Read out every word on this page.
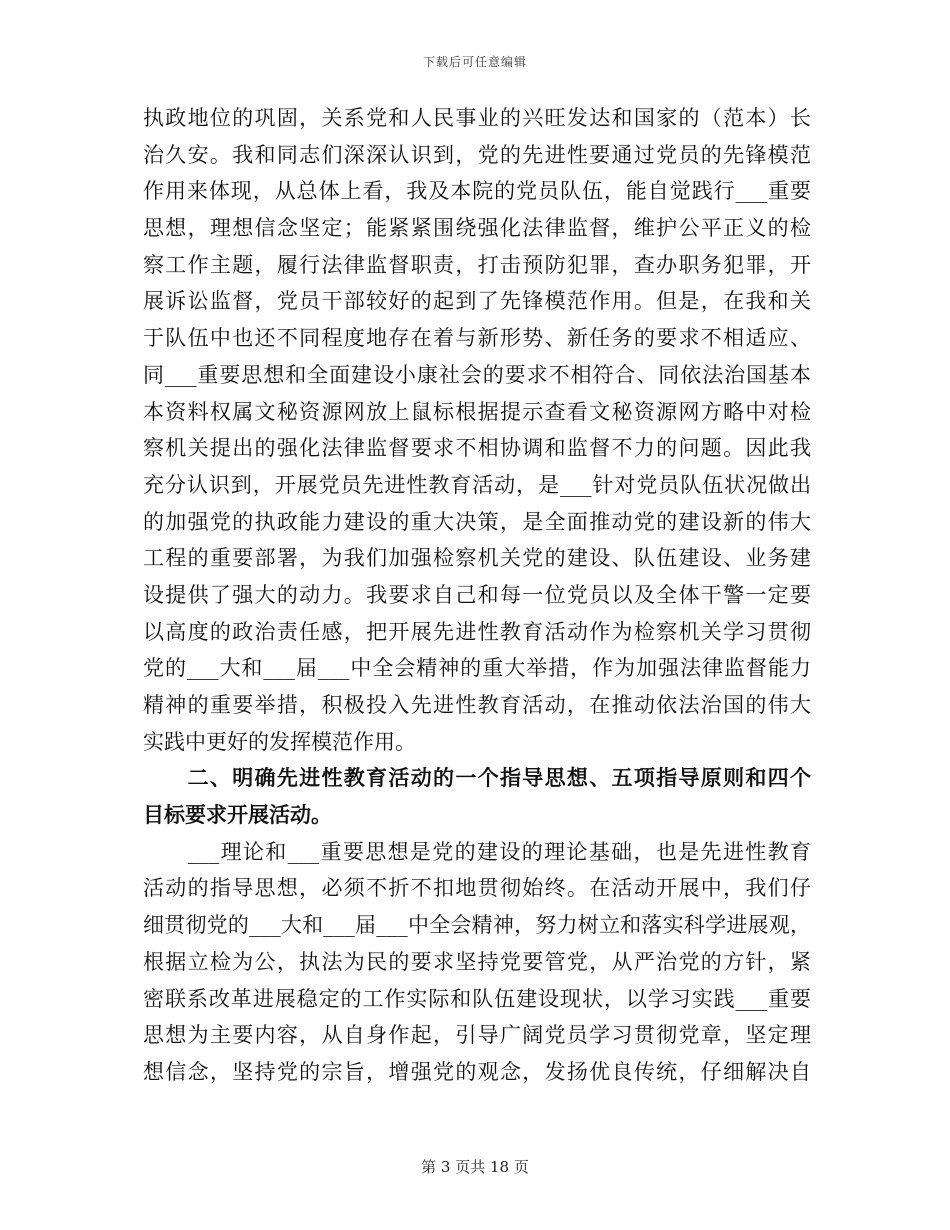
下载后可任意编辑
执政地位的巩固，关系党和人民事业的兴旺发达和国家的（范本）长
治久安。我和同志们深深认识到，党的先进性要通过党员的先锋模范
作用来体现，从总体上看，我及本院的党员队伍，能自觉践行___重要
思想，理想信念坚定；能紧紧围绕强化法律监督，维护公平正义的检
察工作主题，履行法律监督职责，打击预防犯罪，查办职务犯罪，开
展诉讼监督，党员干部较好的起到了先锋模范作用。但是，在我和关
于队伍中也还不同程度地存在着与新形势、新任务的要求不相适应、
同___重要思想和全面建设小康社会的要求不相符合、同依法治国基本
本资料权属文秘资源网放上鼠标根据提示查看文秘资源网方略中对检
察机关提出的强化法律监督要求不相协调和监督不力的问题。因此我
充分认识到，开展党员先进性教育活动，是___针对党员队伍状况做出
的加强党的执政能力建设的重大决策，是全面推动党的建设新的伟大
工程的重要部署，为我们加强检察机关党的建设、队伍建设、业务建
设提供了强大的动力。我要求自己和每一位党员以及全体干警一定要
以高度的政治责任感，把开展先进性教育活动作为检察机关学习贯彻
党的___大和___届___中全会精神的重大举措，作为加强法律监督能力
精神的重要举措，积极投入先进性教育活动，在推动依法治国的伟大
实践中更好的发挥模范作用。
　　二、明确先进性教育活动的一个指导思想、五项指导原则和四个
目标要求开展活动。
　　___理论和___重要思想是党的建设的理论基础，也是先进性教育
活动的指导思想，必须不折不扣地贯彻始终。在活动开展中，我们仔
细贯彻党的___大和___届___中全会精神，努力树立和落实科学进展观，
根据立检为公，执法为民的要求坚持党要管党，从严治党的方针，紧
密联系改革进展稳定的工作实际和队伍建设现状，以学习实践___重要
思想为主要内容，从自身作起，引导广阔党员学习贯彻党章，坚定理
想信念，坚持党的宗旨，增强党的观念，发扬优良传统，仔细解决自
第 3 页共 18 页
